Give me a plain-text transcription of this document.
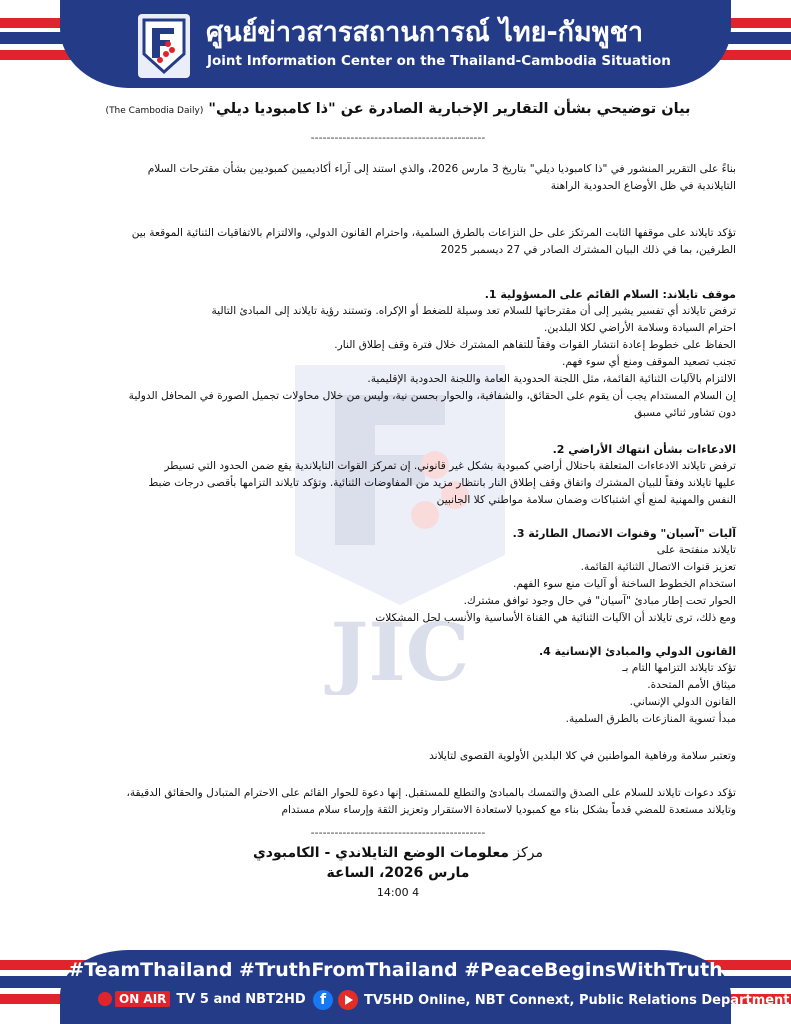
ศูนย์ข่าวสารสถานการณ์ ไทย-กัมพูชา
Joint Information Center on the Thailand-Cambodia Situation
JIC
بيان توضيحي بشأن التقارير الإخبارية الصادرة عن "ذا كامبوديا ديلي" (The Cambodia Daily)
--------------------------------------------

بناءً على التقرير المنشور في "ذا كامبوديا ديلي" بتاريخ 3 مارس 2026، والذي استند إلى آراء أكاديميين كمبوديين بشأن مقترحات السلام

التايلاندية في ظل الأوضاع الحدودية الراهنة

تؤكد تايلاند على موقفها الثابت المرتكز على حل النزاعات بالطرق السلمية، واحترام القانون الدولي، والالتزام بالاتفاقيات الثنائية الموقعة بين

الطرفين، بما في ذلك البيان المشترك الصادر في 27 ديسمبر 2025

موقف تايلاند: السلام القائم على المسؤولية 1.

ترفض تايلاند أي تفسير يشير إلى أن مقترحاتها للسلام تعد وسيلة للضغط أو الإكراه. وتستند رؤية تايلاند إلى المبادئ التالية

احترام السيادة وسلامة الأراضي لكلا البلدين.

الحفاظ على خطوط إعادة انتشار القوات وفقاً للتفاهم المشترك خلال فترة وقف إطلاق النار.

تجنب تصعيد الموقف ومنع أي سوء فهم.

الالتزام بالآليات الثنائية القائمة، مثل اللجنة الحدودية العامة واللجنة الحدودية الإقليمية.

إن السلام المستدام يجب أن يقوم على الحقائق، والشفافية، والحوار بحسن نية، وليس من خلال محاولات تجميل الصورة في المحافل الدولية

دون تشاور ثنائي مسبق

الادعاءات بشأن انتهاك الأراضي 2.

ترفض تايلاند الادعاءات المتعلقة باحتلال أراضي كمبودية بشكل غير قانوني. إن تمركز القوات التايلاندية يقع ضمن الحدود التي تسيطر

عليها تايلاند وفقاً للبيان المشترك واتفاق وقف إطلاق النار بانتظار مزيد من المفاوضات الثنائية. وتؤكد تايلاند التزامها بأقصى درجات ضبط

النفس والمهنية لمنع أي اشتباكات وضمان سلامة مواطني كلا الجانبين

آليات "آسيان" وقنوات الاتصال الطارئة 3.

تايلاند منفتحة على

تعزيز قنوات الاتصال الثنائية القائمة.

استخدام الخطوط الساخنة أو آليات منع سوء الفهم.

الحوار تحت إطار مبادئ "آسيان" في حال وجود توافق مشترك.

ومع ذلك، ترى تايلاند أن الآليات الثنائية هي القناة الأساسية والأنسب لحل المشكلات

القانون الدولي والمبادئ الإنسانية 4.

تؤكد تايلاند التزامها التام بـ

ميثاق الأمم المتحدة.

القانون الدولي الإنساني.

مبدأ تسوية المنازعات بالطرق السلمية.

وتعتبر سلامة ورفاهية المواطنين في كلا البلدين الأولوية القصوى لتايلاند

تؤكد دعوات تايلاند للسلام على الصدق والتمسك بالمبادئ والتطلع للمستقبل. إنها دعوة للحوار القائم على الاحترام المتبادل والحقائق الدقيقة،

وتايلاند مستعدة للمضي قدماً بشكل بناء مع كمبوديا لاستعادة الاستقرار وتعزيز الثقة وإرساء سلام مستدام

--------------------------------------------
مركز معلومات الوضع التايلاندي - الكامبودي
مارس 2026، الساعة
4 14:00
#TeamThailand #TruthFromThailand #PeaceBeginsWithTruth
ON AIR TV 5 and NBT2HD	f	TV5HD Online, NBT Connext, Public Relations Department
